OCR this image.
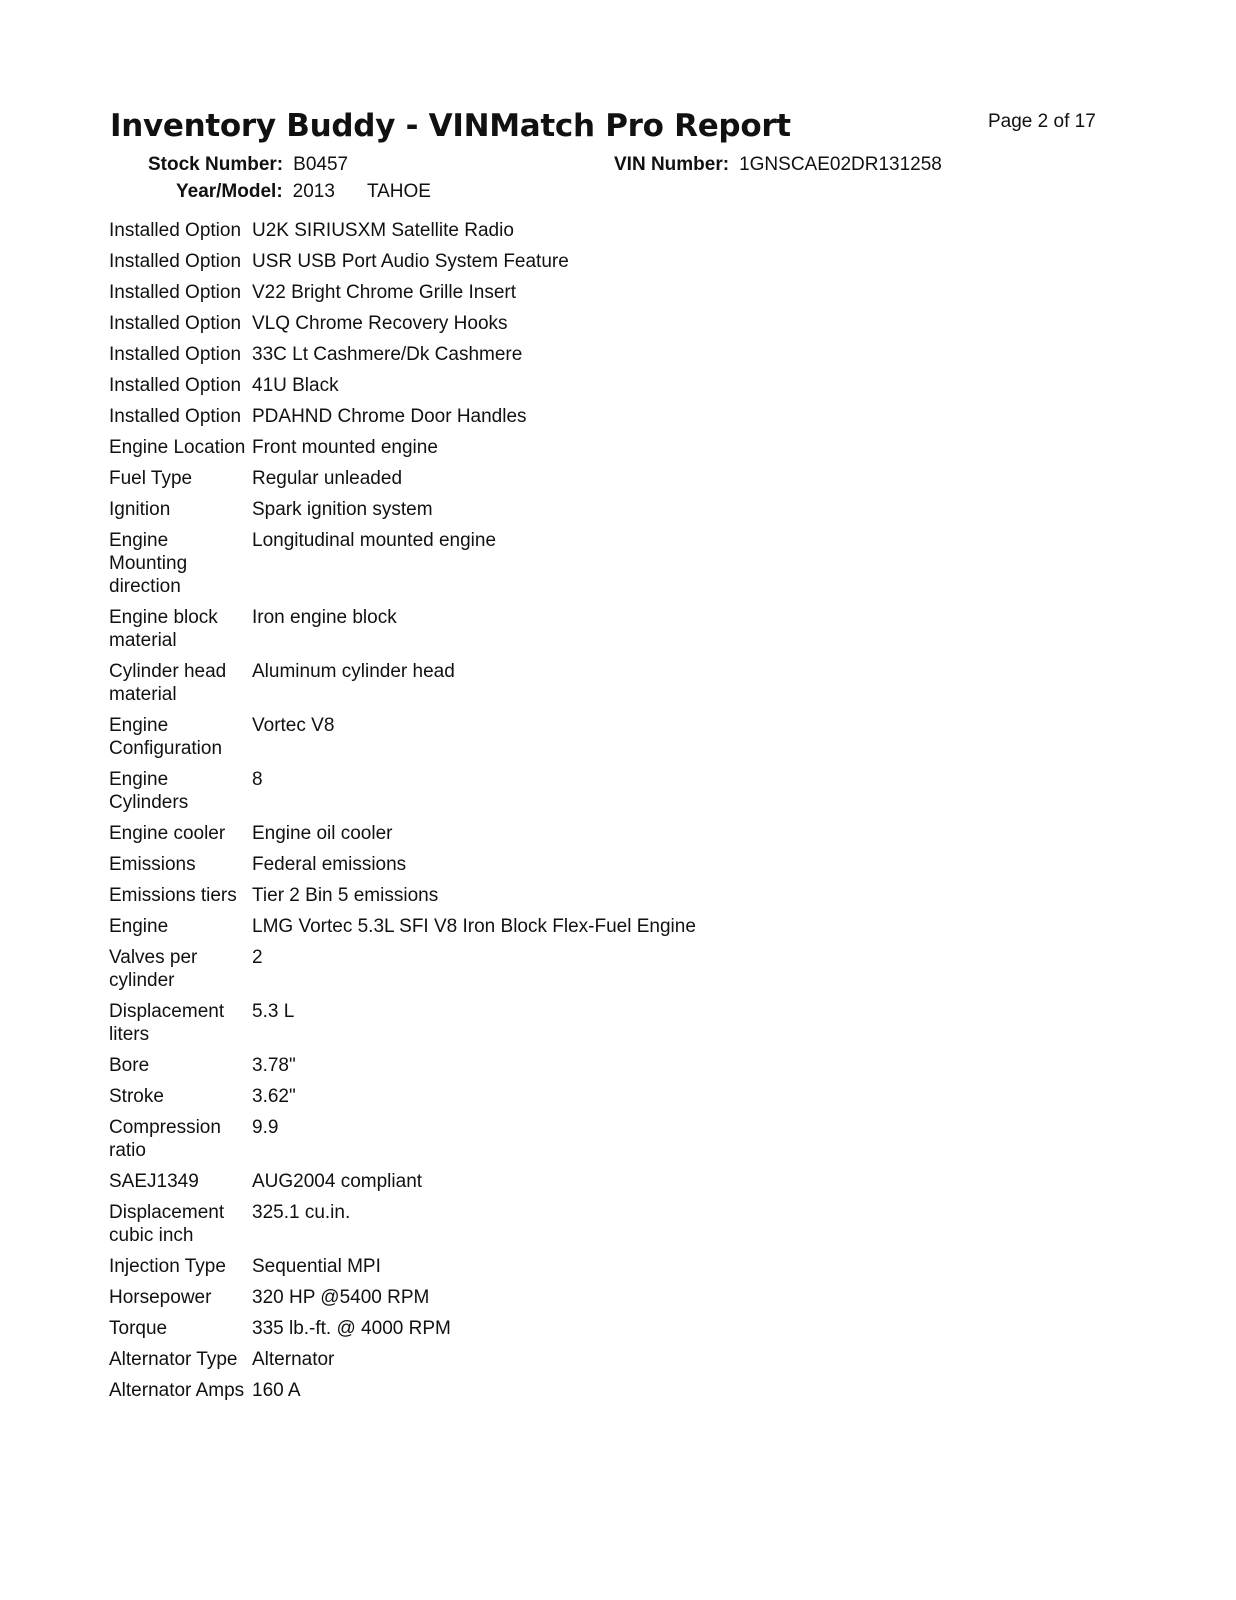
Inventory Buddy - VINMatch Pro Report	Page 2 of 17
Stock Number: B0457	VIN Number: 1GNSCAE02DR131258
Year/Model: 2013 TAHOE
Installed Option	U2K SIRIUSXM Satellite Radio
Installed Option	USR USB Port Audio System Feature
Installed Option	V22 Bright Chrome Grille Insert
Installed Option	VLQ Chrome Recovery Hooks
Installed Option	33C Lt Cashmere/Dk Cashmere
Installed Option	41U Black
Installed Option	PDAHND Chrome Door Handles
Engine Location	Front mounted engine
Fuel Type	Regular unleaded
Ignition	Spark ignition system
Engine Mounting direction	Longitudinal mounted engine
Engine block material	Iron engine block
Cylinder head material	Aluminum cylinder head
Engine Configuration	Vortec V8
Engine Cylinders	8
Engine cooler	Engine oil cooler
Emissions	Federal emissions
Emissions tiers	Tier 2 Bin 5 emissions
Engine	LMG Vortec 5.3L SFI V8 Iron Block Flex-Fuel Engine
Valves per cylinder	2
Displacement liters	5.3 L
Bore	3.78"
Stroke	3.62"
Compression ratio	9.9
SAEJ1349	AUG2004 compliant
Displacement cubic inch	325.1 cu.in.
Injection Type	Sequential MPI
Horsepower	320 HP @5400 RPM
Torque	335 lb.-ft. @ 4000 RPM
Alternator Type	Alternator
Alternator Amps	160 A
